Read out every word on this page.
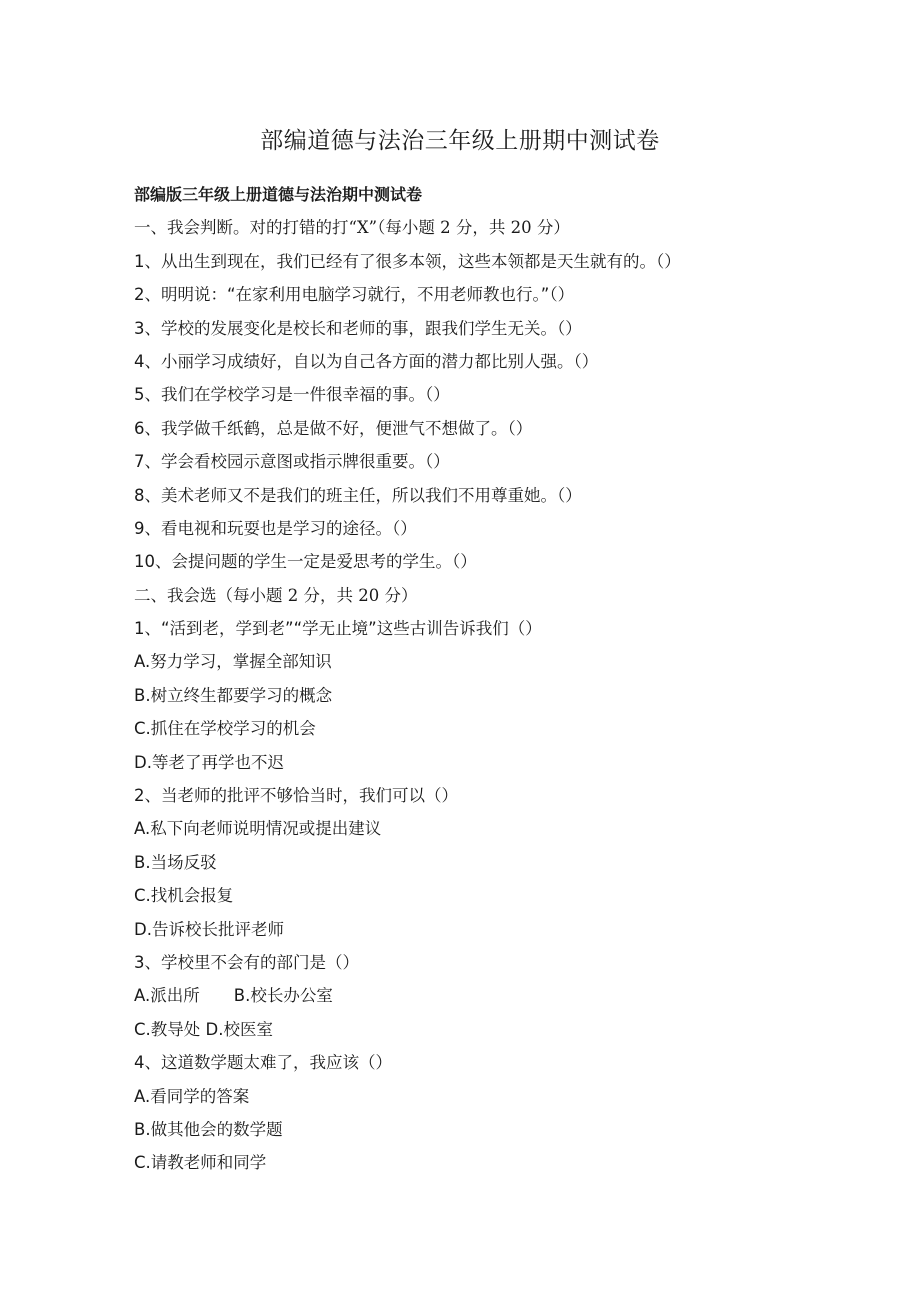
部编道德与法治三年级上册期中测试卷
部编版三年级上册道德与法治期中测试卷
一、我会判断。对的打错的打“X”（每小题 2 分，共 20 分）
1、从出生到现在，我们已经有了很多本领，这些本领都是天生就有的。（）
2、明明说：“在家利用电脑学习就行，不用老师教也行。”（）
3、学校的发展变化是校长和老师的事，跟我们学生无关。（）
4、小丽学习成绩好，自以为自己各方面的潜力都比别人强。（）
5、我们在学校学习是一件很幸福的事。（）
6、我学做千纸鹤，总是做不好，便泄气不想做了。（）
7、学会看校园示意图或指示牌很重要。（）
8、美术老师又不是我们的班主任，所以我们不用尊重她。（）
9、看电视和玩耍也是学习的途径。（）
10、会提问题的学生一定是爱思考的学生。（）
二、我会选（每小题 2 分，共 20 分）
1、“活到老，学到老”“学无止境”这些古训告诉我们（）
A.努力学习，掌握全部知识
B.树立终生都要学习的概念
C.抓住在学校学习的机会
D.等老了再学也不迟
2、当老师的批评不够恰当时，我们可以（）
A.私下向老师说明情况或提出建议
B.当场反驳
C.找机会报复
D.告诉校长批评老师
3、学校里不会有的部门是（）
A.派出所 B.校长办公室
C.教导处 D.校医室
4、这道数学题太难了，我应该（）
A.看同学的答案
B.做其他会的数学题
C.请教老师和同学
